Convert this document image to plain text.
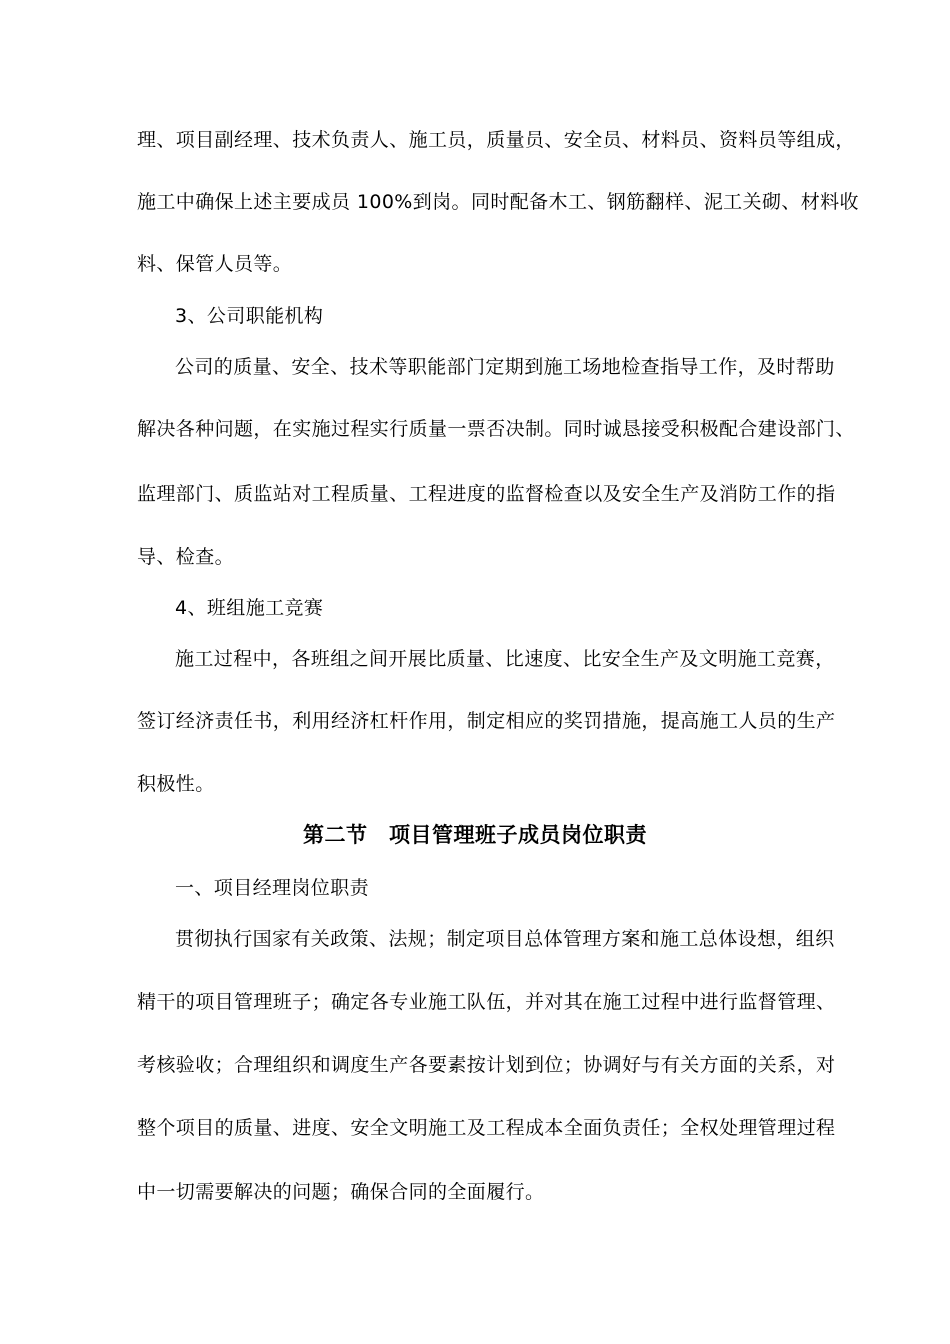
理、项目副经理、技术负责人、施工员，质量员、安全员、材料员、资料员等组成，
施工中确保上述主要成员 100%到岗。同时配备木工、钢筋翻样、泥工关砌、材料收
料、保管人员等。
3、公司职能机构
公司的质量、安全、技术等职能部门定期到施工场地检查指导工作，及时帮助
解决各种问题，在实施过程实行质量一票否决制。同时诚恳接受积极配合建设部门、
监理部门、质监站对工程质量、工程进度的监督检查以及安全生产及消防工作的指
导、检查。
4、班组施工竞赛
施工过程中，各班组之间开展比质量、比速度、比安全生产及文明施工竞赛，
签订经济责任书，利用经济杠杆作用，制定相应的奖罚措施，提高施工人员的生产
积极性。
第二节　项目管理班子成员岗位职责
一、项目经理岗位职责
贯彻执行国家有关政策、法规；制定项目总体管理方案和施工总体设想，组织
精干的项目管理班子；确定各专业施工队伍，并对其在施工过程中进行监督管理、
考核验收；合理组织和调度生产各要素按计划到位；协调好与有关方面的关系，对
整个项目的质量、进度、安全文明施工及工程成本全面负责任；全权处理管理过程
中一切需要解决的问题；确保合同的全面履行。
